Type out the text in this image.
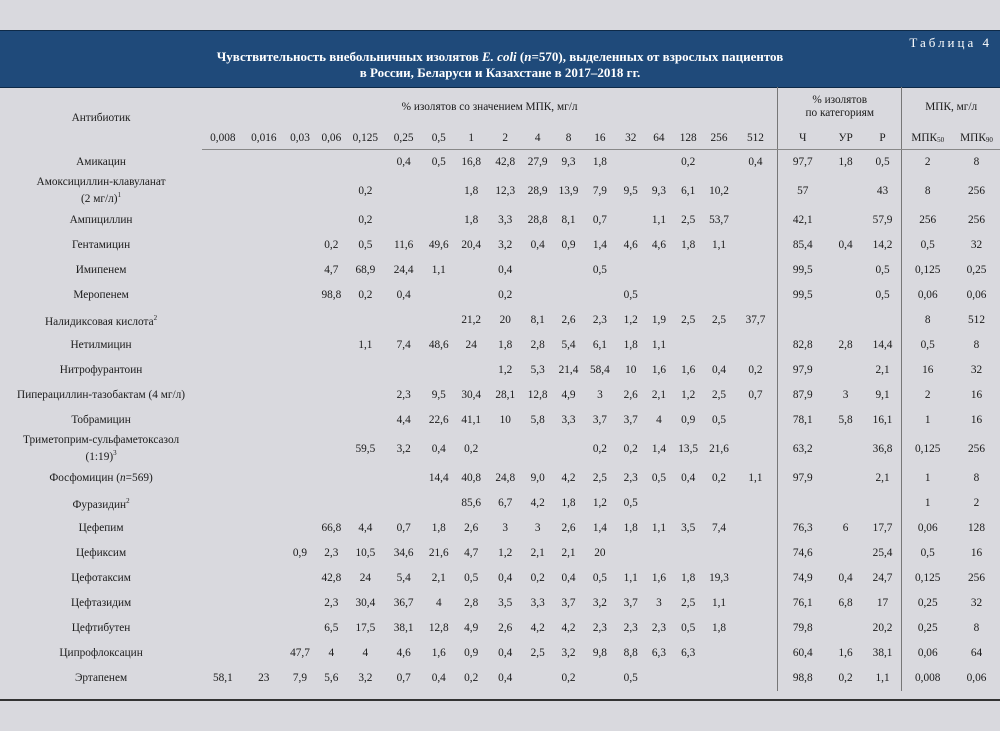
Таблица 4
Чувствительность внебольничных изолятов E. coli (n=570), выделенных от взрослых пациентов
в России, Беларуси и Казахстане в 2017–2018 гг.
Антибиотик	% изолятов со значением МПК, мг/л																	% изолятов
по категориям			МПК, мг/л	
	0,008	0,016	0,03	0,06	0,125	0,25	0,5	1	2	4	8	16	32	64	128	256	512	Ч	УР	Р	$МПК_{50}$	$МПК_{90}$

Амикацин						0,4	0,5	16,8	42,8	27,9	9,3	1,8			0,2		0,4	97,7	1,8	0,5	2	8

Амоксициллин-клавуланат
(2 мг/л)$^1$					0,2			1,8	12,3	28,9	13,9	7,9	9,5	9,3	6,1	10,2		57		43	8	256

Ампициллин					0,2			1,8	3,3	28,8	8,1	0,7		1,1	2,5	53,7		42,1		57,9	256	256

Гентамицин				0,2	0,5	11,6	49,6	20,4	3,2	0,4	0,9	1,4	4,6	4,6	1,8	1,1		85,4	0,4	14,2	0,5	32

Имипенем				4,7	68,9	24,4	1,1		0,4			0,5						99,5		0,5	0,125	0,25

Меропенем				98,8	0,2	0,4			0,2				0,5					99,5		0,5	0,06	0,06

Налидиксовая кислота$^2$								21,2	20	8,1	2,6	2,3	1,2	1,9	2,5	2,5	37,7				8	512

Нетилмицин					1,1	7,4	48,6	24	1,8	2,8	5,4	6,1	1,8	1,1				82,8	2,8	14,4	0,5	8

Нитрофурантоин									1,2	5,3	21,4	58,4	10	1,6	1,6	0,4	0,2	97,9		2,1	16	32

Пиперациллин-тазобактам (4 мг/л)						2,3	9,5	30,4	28,1	12,8	4,9	3	2,6	2,1	1,2	2,5	0,7	87,9	3	9,1	2	16

Тобрамицин						4,4	22,6	41,1	10	5,8	3,3	3,7	3,7	4	0,9	0,5		78,1	5,8	16,1	1	16

Триметоприм-сульфаметоксазол
(1:19)$^3$					59,5	3,2	0,4	0,2				0,2	0,2	1,4	13,5	21,6		63,2		36,8	0,125	256

Фосфомицин (n=569)							14,4	40,8	24,8	9,0	4,2	2,5	2,3	0,5	0,4	0,2	1,1	97,9		2,1	1	8

Фуразидин$^2$								85,6	6,7	4,2	1,8	1,2	0,5								1	2

Цефепим				66,8	4,4	0,7	1,8	2,6	3	3	2,6	1,4	1,8	1,1	3,5	7,4		76,3	6	17,7	0,06	128

Цефиксим			0,9	2,3	10,5	34,6	21,6	4,7	1,2	2,1	2,1	20						74,6		25,4	0,5	16

Цефотаксим				42,8	24	5,4	2,1	0,5	0,4	0,2	0,4	0,5	1,1	1,6	1,8	19,3		74,9	0,4	24,7	0,125	256

Цефтазидим				2,3	30,4	36,7	4	2,8	3,5	3,3	3,7	3,2	3,7	3	2,5	1,1		76,1	6,8	17	0,25	32

Цефтибутен				6,5	17,5	38,1	12,8	4,9	2,6	4,2	4,2	2,3	2,3	2,3	0,5	1,8		79,8		20,2	0,25	8

Ципрофлоксацин			47,7	4	4	4,6	1,6	0,9	0,4	2,5	3,2	9,8	8,8	6,3	6,3			60,4	1,6	38,1	0,06	64

Эртапенем	58,1	23	7,9	5,6	3,2	0,7	0,4	0,2	0,4		0,2		0,5					98,8	0,2	1,1	0,008	0,06
